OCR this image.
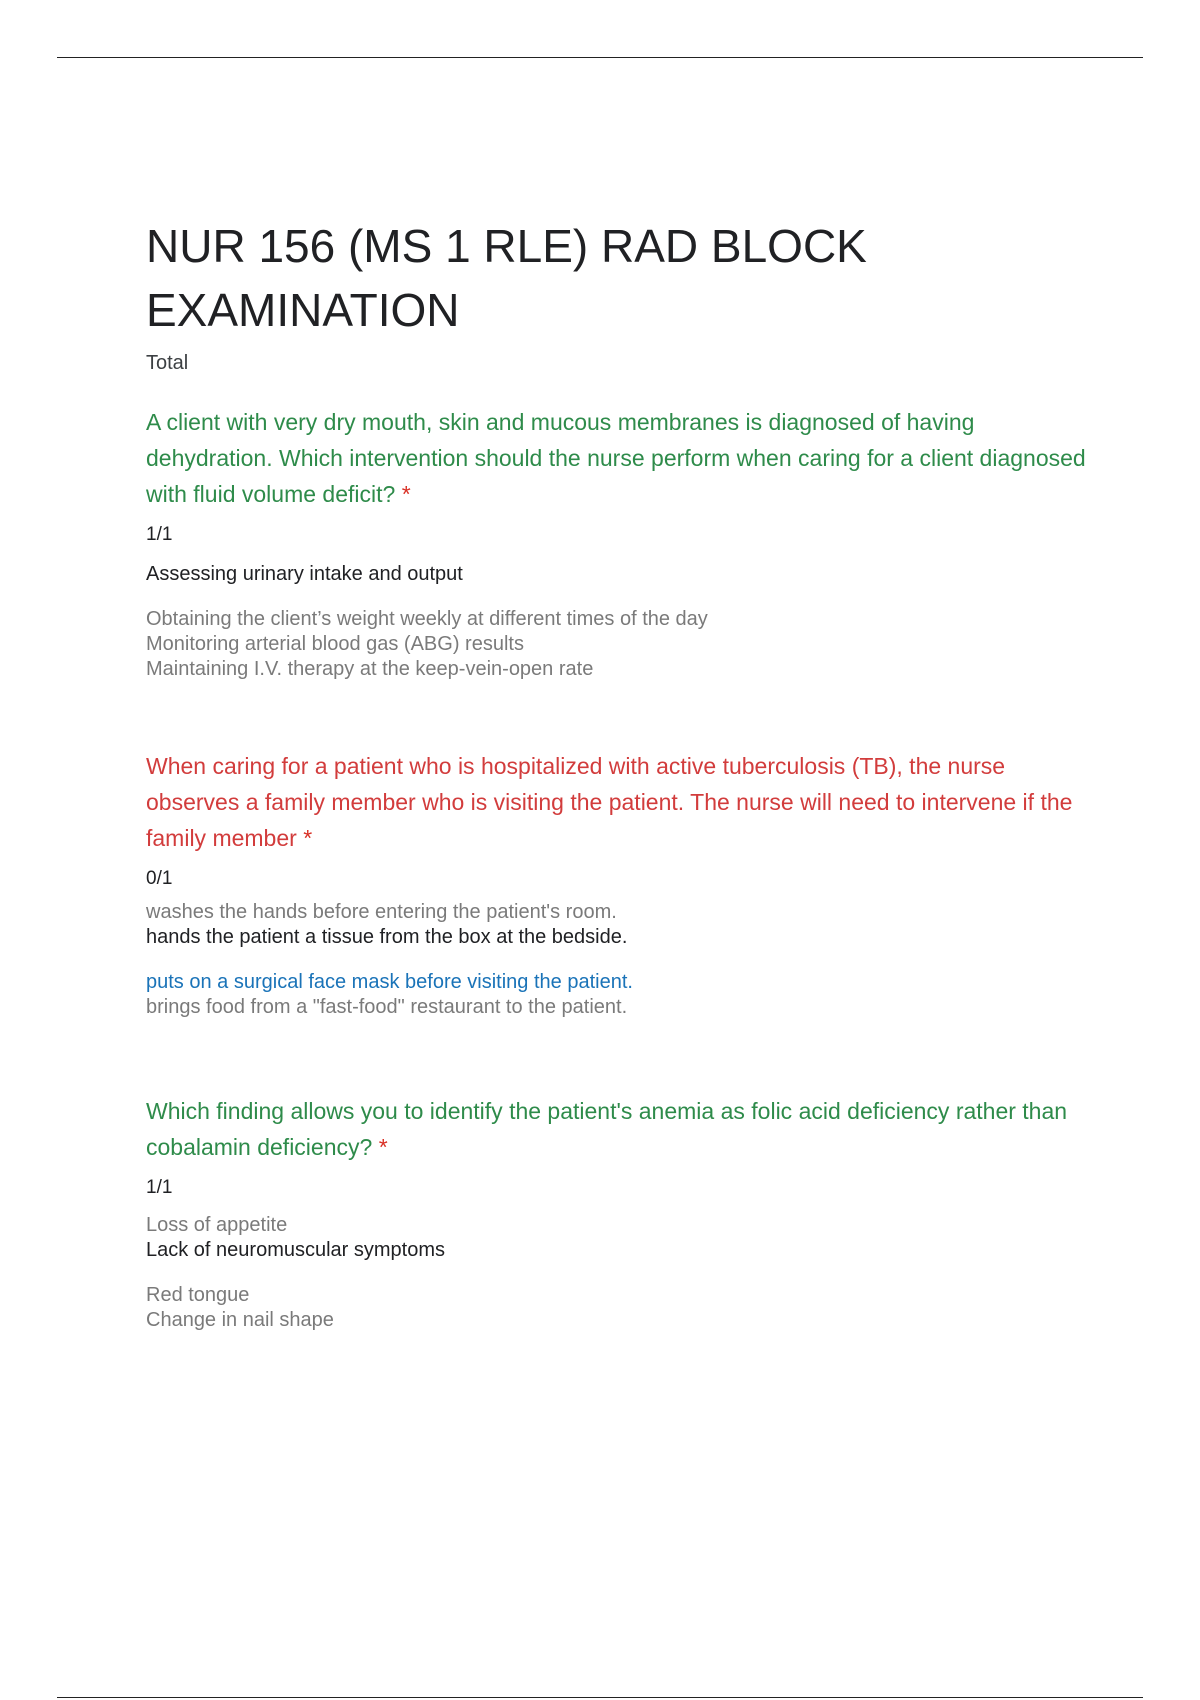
NUR 156 (MS 1 RLE) RAD BLOCK EXAMINATION
Total

A client with very dry mouth, skin and mucous membranes is diagnosed of having dehydration. Which intervention should the nurse perform when caring for a client diagnosed with fluid volume deficit? *

1/1

Assessing urinary intake and output

Obtaining the client’s weight weekly at different times of the day

Monitoring arterial blood gas (ABG) results

Maintaining I.V. therapy at the keep-vein-open rate

When caring for a patient who is hospitalized with active tuberculosis (TB), the nurse observes a family member who is visiting the patient. The nurse will need to intervene if the family member *

0/1

washes the hands before entering the patient's room.

hands the patient a tissue from the box at the bedside.

puts on a surgical face mask before visiting the patient.

brings food from a "fast-food" restaurant to the patient.

Which finding allows you to identify the patient's anemia as folic acid deficiency rather than cobalamin deficiency? *

1/1

Loss of appetite

Lack of neuromuscular symptoms

Red tongue

Change in nail shape
